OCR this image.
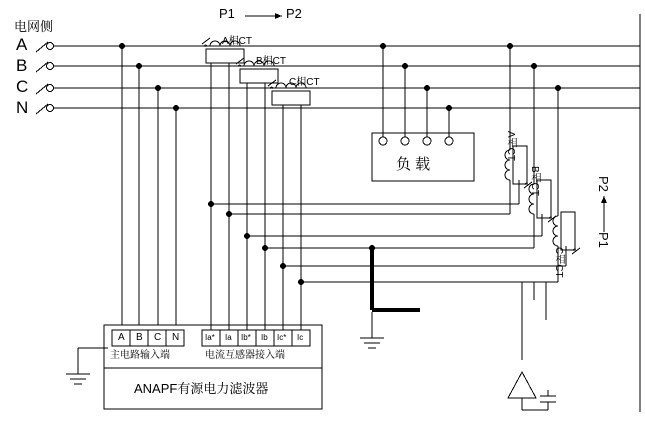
电网侧
A
B
C
N
P1	P2
A相CT
B相CT
C相CT
*
*
*
负 载
A相CT
B相CT
C相CT
*
*
*
P1
P2
A B C N	Ia* Ia Ib* Ib Ic* Ic
主电路输入端	电流互感器接入端
ANAPF有源电力滤波器
